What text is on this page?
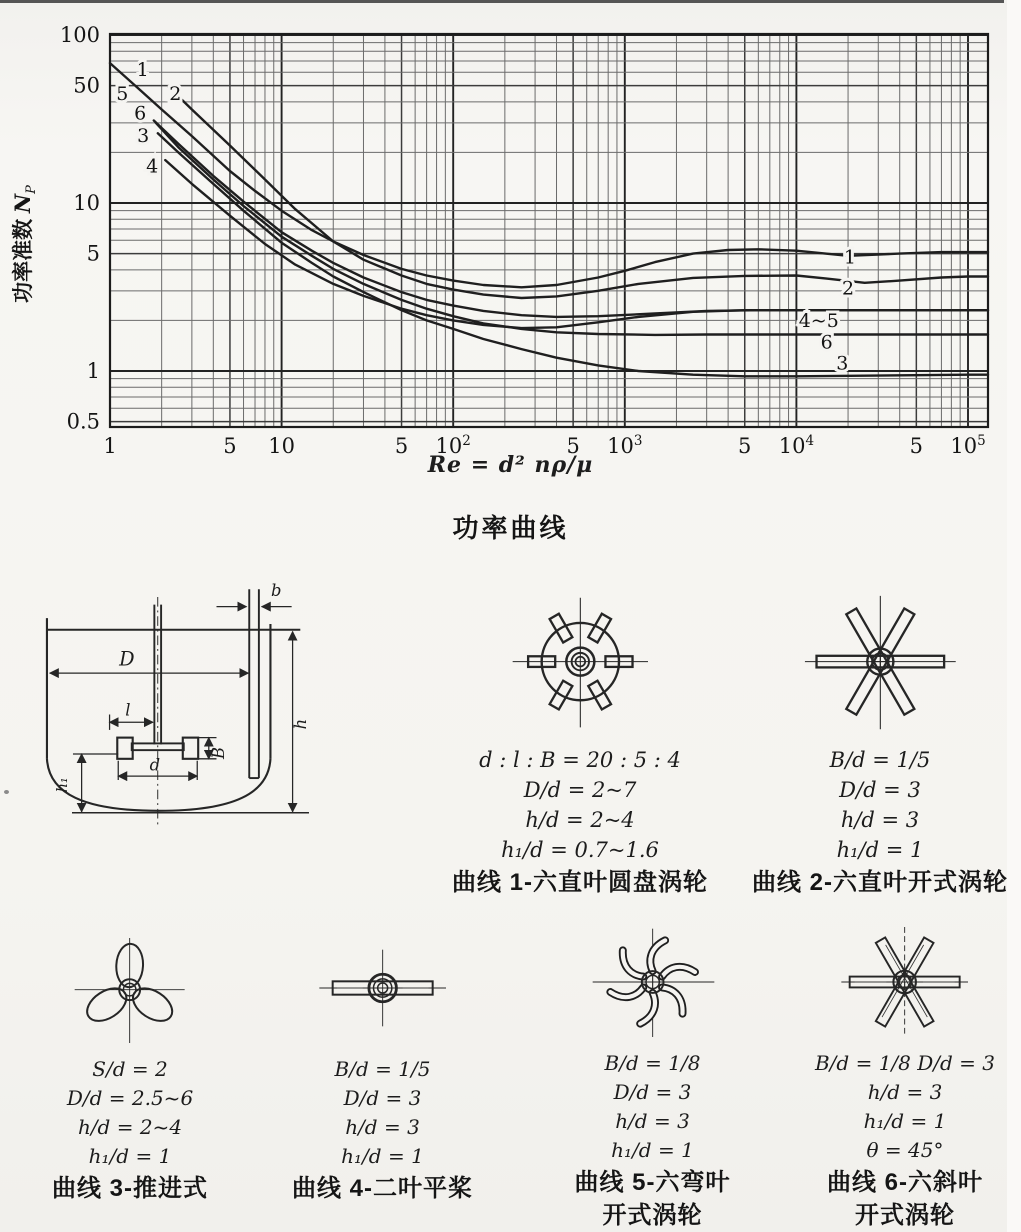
1	5 10	5 $10^2$	5 $10^3$	5 $10^4$	5 $10^5$
100
50
10
5
1
0.5
功率准数 $N_P$
1
5 2
6
3
4
1
2
4~5
6
3
Re = d² nρ/μ
功率曲线
b
D
l
B
d
h₁
h
d : l : B = 20 : 5 : 4
D/d = 2~7
h/d = 2~4
h₁/d = 0.7~1.6
曲线 1-六直叶圆盘涡轮
B/d = 1/5
D/d = 3
h/d = 3
h₁/d = 1
曲线 2-六直叶开式涡轮
S/d = 2
D/d = 2.5~6
h/d = 2~4
h₁/d = 1
曲线 3-推进式
B/d = 1/5
D/d = 3
h/d = 3
h₁/d = 1
曲线 4-二叶平桨
B/d = 1/8
D/d = 3
h/d = 3
h₁/d = 1
曲线 5-六弯叶
开式涡轮
B/d = 1/8 D/d = 3
h/d = 3
h₁/d = 1
θ = 45°
曲线 6-六斜叶
开式涡轮
